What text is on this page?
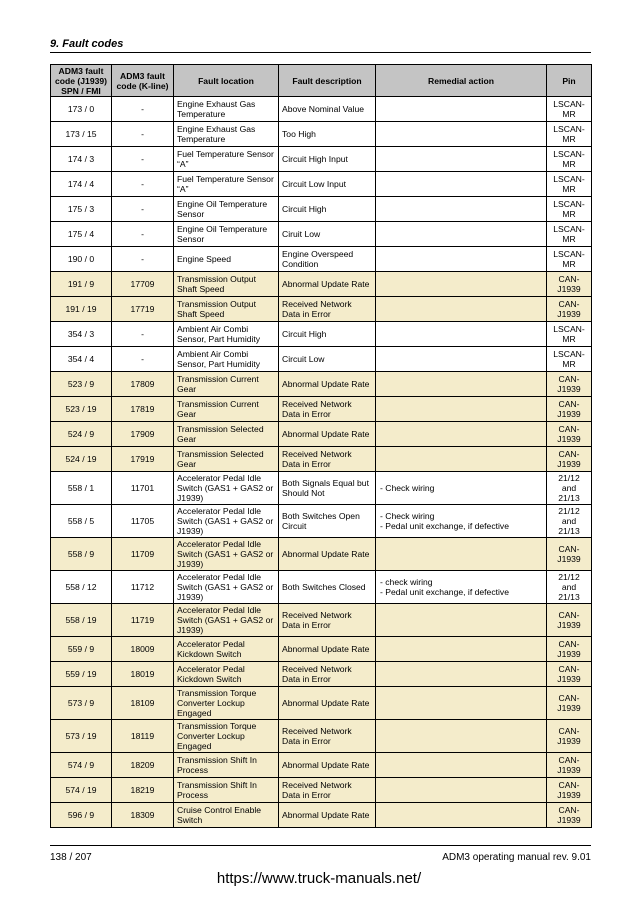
9. Fault codes
ADM3 fault code (J1939) SPN / FMI	ADM3 fault code (K-line)	Fault location	Fault description	Remedial action	Pin
173 / 0	-	Engine Exhaust Gas Temperature	Above Nominal Value		LSCAN-MR
173 / 15	-	Engine Exhaust Gas Temperature	Too High		LSCAN-MR
174 / 3	-	Fuel Temperature Sensor “A”	Circuit High Input		LSCAN-MR
174 / 4	-	Fuel Temperature Sensor “A”	Circuit Low Input		LSCAN-MR
175 / 3	-	Engine Oil Temperature Sensor	Circuit High		LSCAN-MR
175 / 4	-	Engine Oil Temperature Sensor	Ciruit Low		LSCAN-MR
190 / 0	-	Engine Speed	Engine Overspeed Condition		LSCAN-MR
191 / 9	17709	Transmission Output Shaft Speed	Abnormal Update Rate		CAN-J1939
191 / 19	17719	Transmission Output Shaft Speed	Received Network Data in Error		CAN-J1939
354 / 3	-	Ambient Air Combi Sensor, Part Humidity	Circuit High		LSCAN-MR
354 / 4	-	Ambient Air Combi Sensor, Part Humidity	Circuit Low		LSCAN-MR
523 / 9	17809	Transmission Current Gear	Abnormal Update Rate		CAN-J1939
523 / 19	17819	Transmission Current Gear	Received Network Data in Error		CAN-J1939
524 / 9	17909	Transmission Selected Gear	Abnormal Update Rate		CAN-J1939
524 / 19	17919	Transmission Selected Gear	Received Network Data in Error		CAN-J1939
558 / 1	11701	Accelerator Pedal Idle Switch (GAS1 + GAS2 or J1939)	Both Signals Equal but Should Not	- Check wiring	21/12 and 21/13
558 / 5	11705	Accelerator Pedal Idle Switch (GAS1 + GAS2 or J1939)	Both Switches Open Circuit	- Check wiring
- Pedal unit exchange, if defective	21/12 and 21/13
558 / 9	11709	Accelerator Pedal Idle Switch (GAS1 + GAS2 or J1939)	Abnormal Update Rate		CAN-J1939
558 / 12	11712	Accelerator Pedal Idle Switch (GAS1 + GAS2 or J1939)	Both Switches Closed	- check wiring
- Pedal unit exchange, if defective	21/12 and 21/13
558 / 19	11719	Accelerator Pedal Idle Switch (GAS1 + GAS2 or J1939)	Received Network Data in Error		CAN-J1939
559 / 9	18009	Accelerator Pedal Kickdown Switch	Abnormal Update Rate		CAN-J1939
559 / 19	18019	Accelerator Pedal Kickdown Switch	Received Network Data in Error		CAN-J1939
573 / 9	18109	Transmission Torque Converter Lockup Engaged	Abnormal Update Rate		CAN-J1939
573 / 19	18119	Transmission Torque Converter Lockup Engaged	Received Network Data in Error		CAN-J1939
574 / 9	18209	Transmission Shift In Process	Abnormal Update Rate		CAN-J1939
574 / 19	18219	Transmission Shift In Process	Received Network Data in Error		CAN-J1939
596 / 9	18309	Cruise Control Enable Switch	Abnormal Update Rate		CAN-J1939
138 / 207	ADM3 operating manual rev. 9.01
https://www.truck-manuals.net/
